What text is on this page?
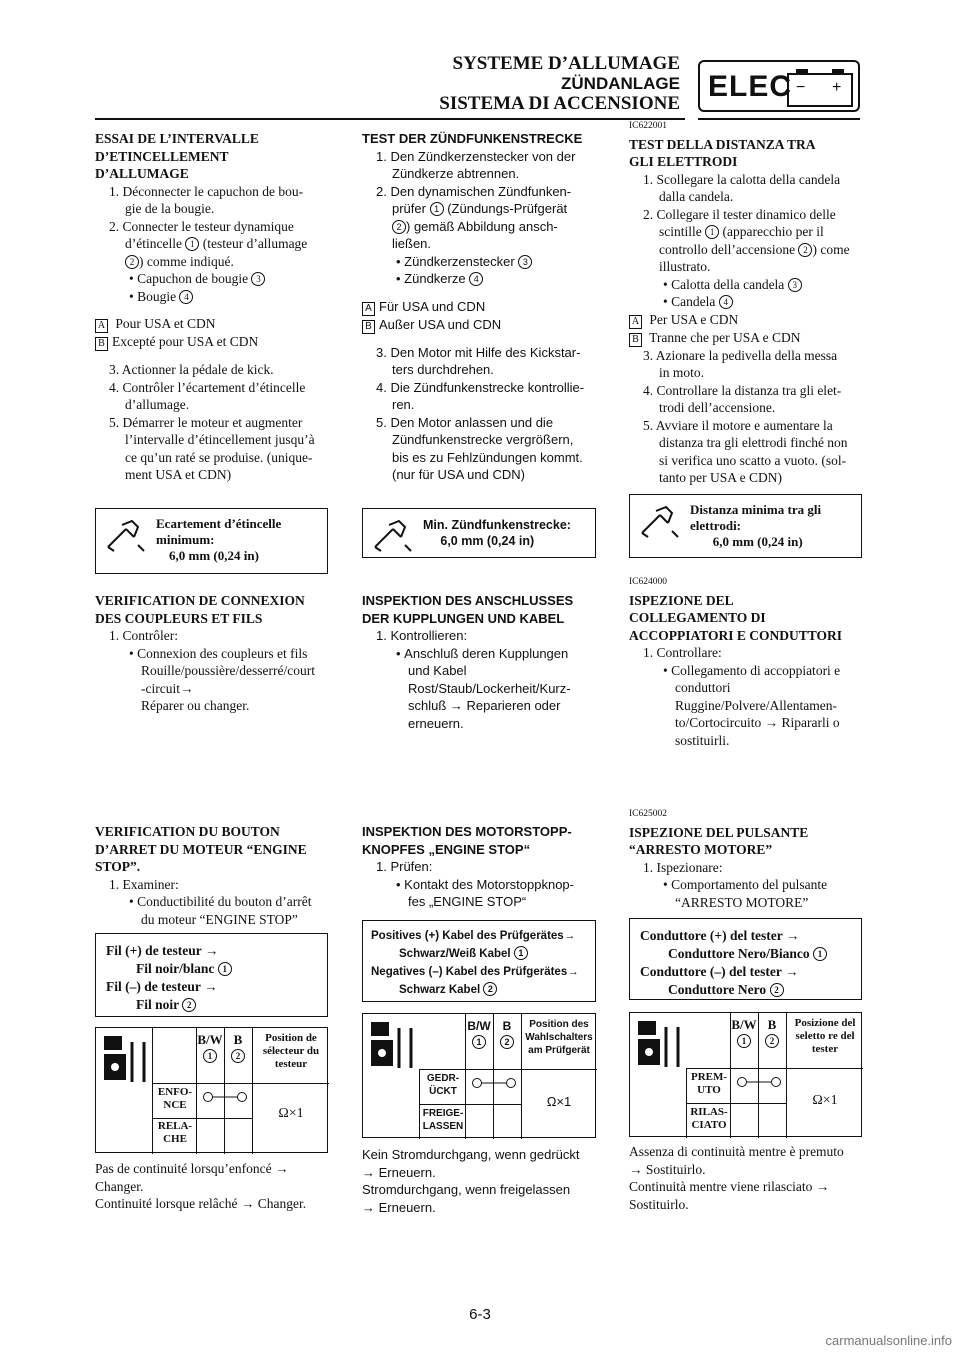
SYSTEME D’ALLUMAGE
ZÜNDANLAGE
SISTEMA DI ACCENSIONE
ELEC − +

ESSAI DE L’INTERVALLE
D’ETINCELLEMENT
D’ALLUMAGE

1. Déconnecter le capuchon de bou-
gie de la bougie.
2. Connecter le testeur dynamique
d’étincelle 1 (testeur d’allumage
2 ) comme indiqué.
• Capuchon de bougie 3
• Bougie 4

A Pour USA et CDN

B Excepté pour USA et CDN

3. Actionner la pédale de kick.
4. Contrôler l’écartement d’étincelle
d’allumage.
5. Démarrer le moteur et augmenter
l’intervalle d’étincellement jusqu’à
ce qu’un raté se produise. (unique-
ment USA et CDN)
Ecartement d’étincelle
minimum:
6,0 mm (0,24 in)

VERIFICATION DE CONNEXION
DES COUPLEURS ET FILS

1. Contrôler:
• Connexion des coupleurs et fils
Rouille/poussière/desserré/court
-circuit→
Réparer ou changer.

VERIFICATION DU BOUTON
D’ARRET DU MOTEUR “ENGINE
STOP”.

1. Examiner:
• Conductibilité du bouton d’arrêt
du moteur “ENGINE STOP”
Fil (+) de testeur →
Fil noir/blanc 1
Fil (–) de testeur →
Fil noir 2
B/W
1
B
2
Position de sélecteur du testeur
ENFO- NCE
RELA- CHE
Ω×1

Pas de continuité lorsqu’enfoncé →

Changer.

Continuité lorsque relâché → Changer.

TEST DER ZÜNDFUNKENSTRECKE

1. Den Zündkerzenstecker von der
Zündkerze abtrennen.
2. Den dynamischen Zündfunken-
prüfer 1 (Zündungs-Prüfgerät
2 ) gemäß Abbildung ansch-
ließen.
• Zündkerzenstecker 3
• Zündkerze 4

A Für USA und CDN

B Außer USA und CDN

3. Den Motor mit Hilfe des Kickstar-
ters durchdrehen.
4. Die Zündfunkenstrecke kontrollie-
ren.
5. Den Motor anlassen und die
Zündfunkenstrecke vergrößern,
bis es zu Fehlzündungen kommt.
(nur für USA und CDN)
Min. Zündfunkenstrecke:
6,0 mm (0,24 in)

INSPEKTION DES ANSCHLUSSES
DER KUPPLUNGEN UND KABEL

1. Kontrollieren:
• Anschluß deren Kupplungen
und Kabel
Rost/Staub/Lockerheit/Kurz-
schluß → Reparieren oder
erneuern.

INSPEKTION DES MOTORSTOPP-
KNOPFES „ENGINE STOP“

1. Prüfen:
• Kontakt des Motorstoppknop-
fes „ENGINE STOP“
Positives (+) Kabel des Prüfgerätes→
Schwarz/Weiß Kabel 1
Negatives (–) Kabel des Prüfgerätes→
Schwarz Kabel 2
B/W
1
B
2
Position des Wahlschalters am Prüfgerät
GEDR- ÜCKT
FREIGE- LASSEN
Ω×1

Kein Stromdurchgang, wenn gedrückt

→ Erneuern.

Stromdurchgang, wenn freigelassen

→ Erneuern.

IC622001

TEST DELLA DISTANZA TRA
GLI ELETTRODI

1. Scollegare la calotta della candela
dalla candela.
2. Collegare il tester dinamico delle
scintille 1 (apparecchio per il
controllo dell’accensione 2 ) come
illustrato.
• Calotta della candela 3
• Candela 4

A Per USA e CDN

B Tranne che per USA e CDN

3. Azionare la pedivella della messa
in moto.
4. Controllare la distanza tra gli elet-
trodi dell’accensione.
5. Avviare il motore e aumentare la
distanza tra gli elettrodi finché non
si verifica uno scatto a vuoto. (sol-
tanto per USA e CDN)
Distanza minima tra gli
elettrodi:
6,0 mm (0,24 in)

IC624000

ISPEZIONE DEL
COLLEGAMENTO DI
ACCOPPIATORI E CONDUTTORI

1. Controllare:
• Collegamento di accoppiatori e
conduttori
Ruggine/Polvere/Allentamen-
to/Cortocircuito → Ripararli o
sostituirli.

IC625002

ISPEZIONE DEL PULSANTE
“ARRESTO MOTORE”

1. Ispezionare:
• Comportamento del pulsante
“ARRESTO MOTORE”
Conduttore (+) del tester →
Conduttore Nero/Bianco 1
Conduttore (–) del tester →
Conduttore Nero 2
B/W
1
B
2
Posizione del seletto re del tester
PREM- UTO
RILAS- CIATO
Ω×1

Assenza di continuità mentre è premuto

→ Sostituirlo.

Continuità mentre viene rilasciato →

Sostituirlo.

6-3
carmanualsonline.info
